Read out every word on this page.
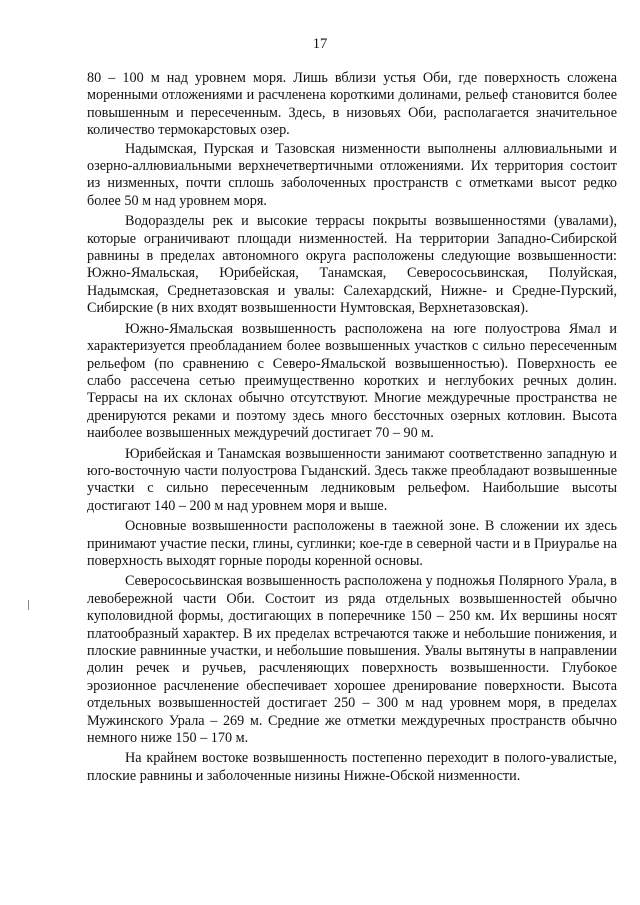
17

80 – 100 м над уровнем моря. Лишь вблизи устья Оби, где поверхность сложена моренными отложениями и расчленена короткими долинами, рельеф становится более повышенным и пересеченным. Здесь, в низовьях Оби, располагается значительное количество термокарстовых озер.

Надымская, Пурская и Тазовская низменности выполнены аллювиальными и озерно-аллювиальными верхнечетвертичными отложениями. Их территория состоит из низменных, почти сплошь заболоченных пространств с отметками высот редко более 50 м над уровнем моря.

Водоразделы рек и высокие террасы покрыты возвышенностями (увалами), которые ограничивают площади низменностей. На территории Западно-Сибирской равнины в пределах автономного округа расположены следующие возвышенности: Южно-Ямальская, Юрибейская, Танамская, Северососьвинская, Полуйская, Надымская, Среднетазовская и увалы: Салехардский, Нижне- и Средне-Пурский, Сибирские (в них входят возвышенности Нумтовская, Верхнетазовская).

Южно-Ямальская возвышенность расположена на юге полуострова Ямал и характеризуется преобладанием более возвышенных участков с сильно пересеченным рельефом (по сравнению с Северо-Ямальской возвышенностью). Поверхность ее слабо рассечена сетью преимущественно коротких и неглубоких речных долин. Террасы на их склонах обычно отсутствуют. Многие междуречные пространства не дренируются реками и поэтому здесь много бессточных озерных котловин. Высота наиболее возвышенных междуречий достигает 70 – 90 м.

Юрибейская и Танамская возвышенности занимают соответственно западную и юго-восточную части полуострова Гыданский. Здесь также преобладают возвышенные участки с сильно пересеченным ледниковым рельефом. Наибольшие высоты достигают 140 – 200 м над уровнем моря и выше.

Основные возвышенности расположены в таежной зоне. В сложении их здесь принимают участие пески, глины, суглинки; кое-где в северной части и в Приуралье на поверхность выходят горные породы коренной основы.

Северососьвинская возвышенность расположена у подножья Полярного Урала, в левобережной части Оби. Состоит из ряда отдельных возвышенностей обычно куполовидной формы, достигающих в поперечнике 150 – 250 км. Их вершины носят платообразный характер. В их пределах встречаются также и небольшие понижения, и плоские равнинные участки, и небольшие повышения. Увалы вытянуты в направлении долин речек и ручьев, расчленяющих поверхность возвышенности. Глубокое эрозионное расчленение обеспечивает хорошее дренирование поверхности. Высота отдельных возвышенностей достигает 250 – 300 м над уровнем моря, в пределах Мужинского Урала – 269 м. Средние же отметки междуречных пространств обычно немного ниже 150 – 170 м.

На крайнем востоке возвышенность постепенно переходит в полого-увалистые, плоские равнины и заболоченные низины Нижне-Обской низменности.
